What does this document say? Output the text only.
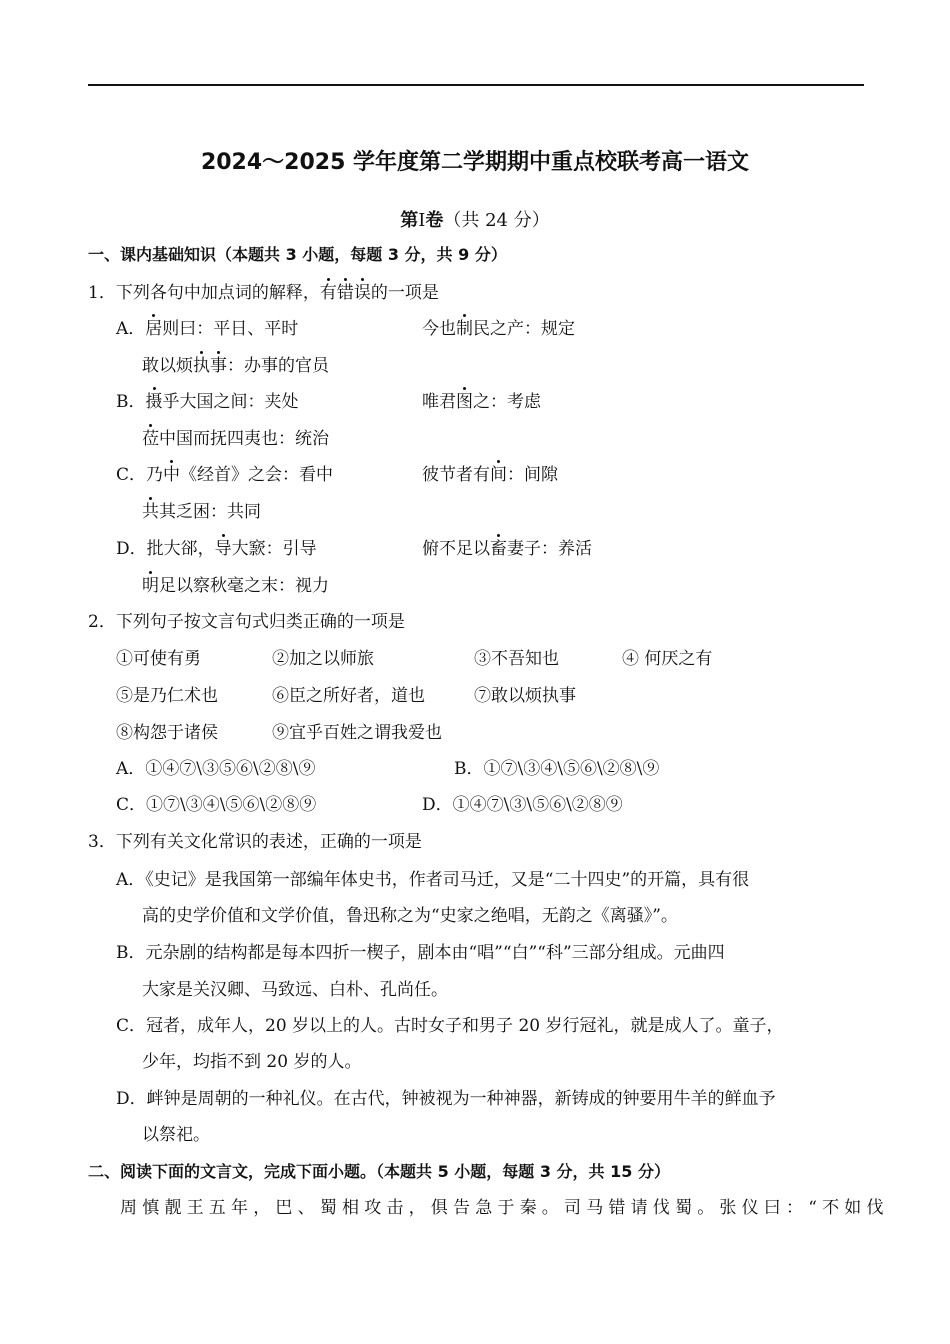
2024～2025 学年度第二学期期中重点校联考高一语文
第Ⅰ卷（共 24 分）
一、课内基础知识（本题共 3 小题，每题 3 分，共 9 分）
1．下列各句中加点词的解释，有错误的一项是
A．居则曰：平日、平时	今也制民之产：规定
敢以烦执事：办事的官员
B．摄乎大国之间：夹处	唯君图之：考虑
莅中国而抚四夷也：统治
C．乃中《经首》之会：看中	彼节者有间：间隙
共其乏困：共同
D．批大郤，导大窾：引导	俯不足以畜妻子：养活
明足以察秋毫之末：视力
2．下列句子按文言句式归类正确的一项是
①可使有勇	②加之以师旅	③不吾知也	④ 何厌之有
⑤是乃仁术也	⑥臣之所好者，道也	⑦敢以烦执事
⑧构怨于诸侯	⑨宜乎百姓之谓我爱也
A．①④⑦\③⑤⑥\②⑧\⑨	B．①⑦\③④\⑤⑥\②⑧\⑨
C．①⑦\③④\⑤⑥\②⑧⑨	D．①④⑦\③\⑤⑥\②⑧⑨
3．下列有关文化常识的表述，正确的一项是
A．《史记》是我国第一部编年体史书，作者司马迁，又是“二十四史”的开篇，具有很
高的史学价值和文学价值，鲁迅称之为“史家之绝唱，无韵之《离骚》”。
B．元杂剧的结构都是每本四折一楔子，剧本由“唱”“白”“科”三部分组成。元曲四
大家是关汉卿、马致远、白朴、孔尚任。
C．冠者，成年人，20 岁以上的人。古时女子和男子 20 岁行冠礼，就是成人了。童子，
少年，均指不到 20 岁的人。
D．衅钟是周朝的一种礼仪。在古代，钟被视为一种神器，新铸成的钟要用牛羊的鲜血予
以祭祀。
二、阅读下面的文言文，完成下面小题。（本题共 5 小题，每题 3 分，共 15 分）
周慎靓王五年，巴、蜀相攻击，俱告急于秦。司马错请伐蜀。张仪曰：“不如伐
